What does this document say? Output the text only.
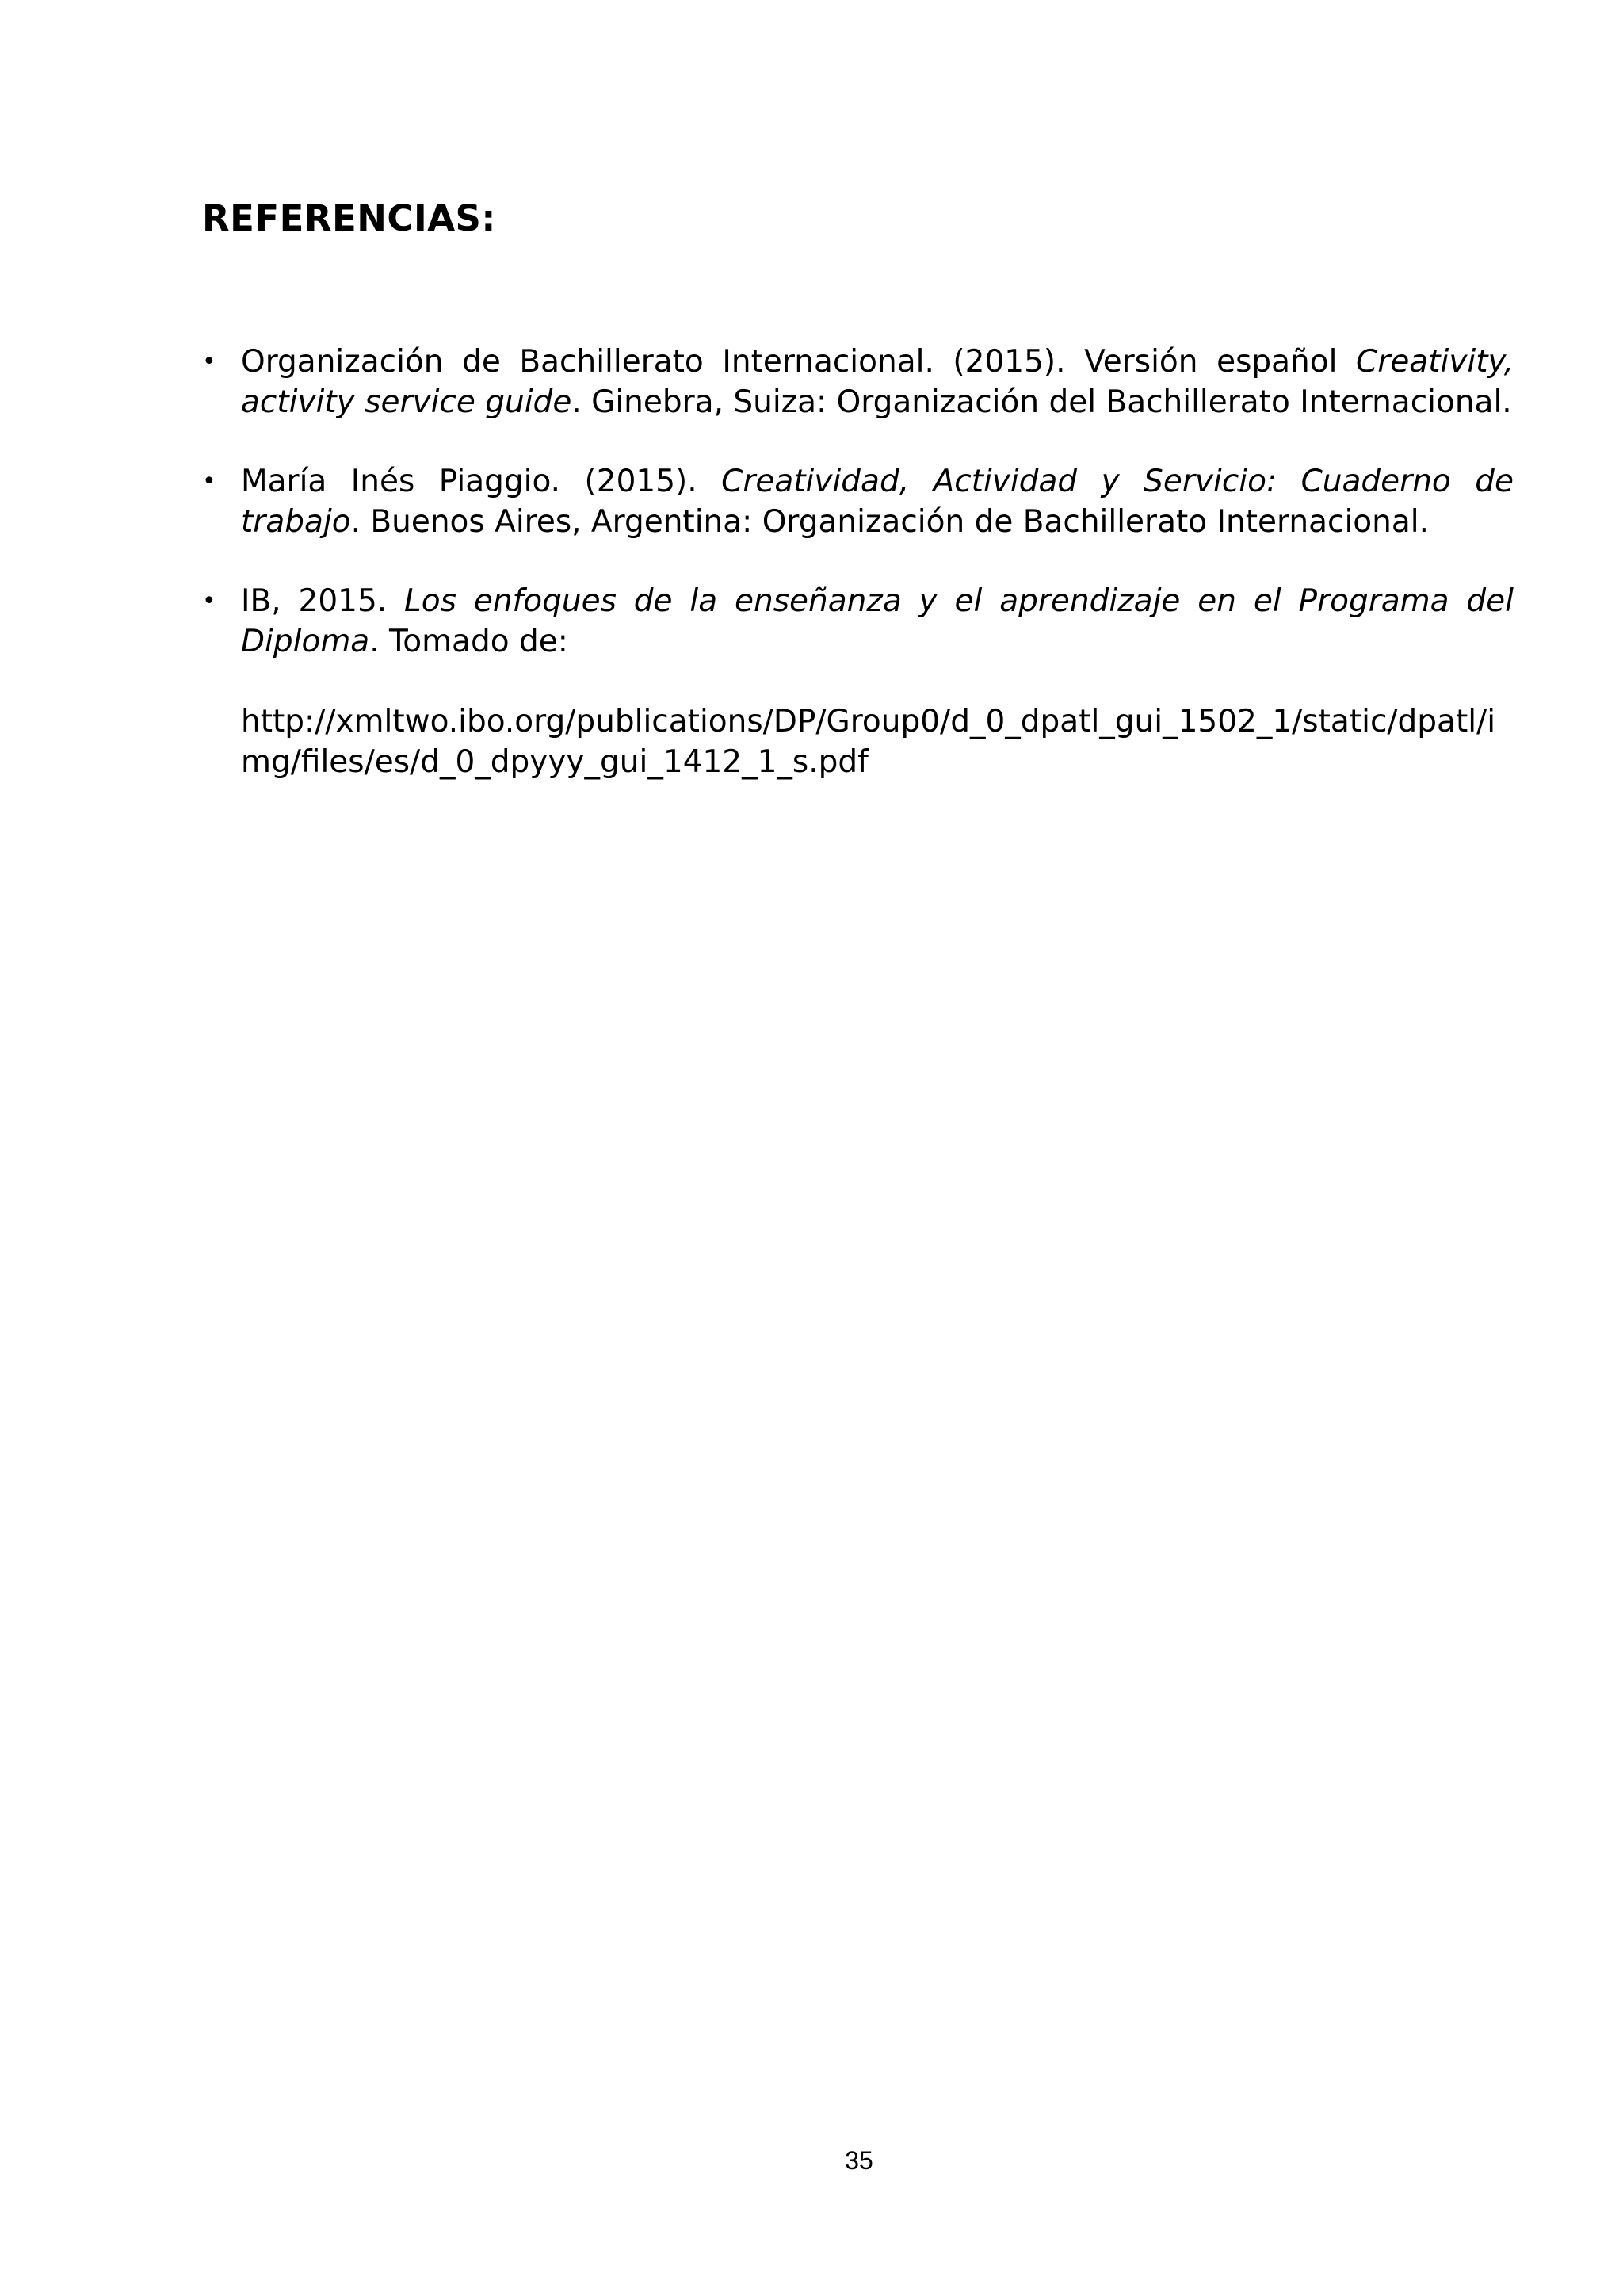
REFERENCIAS:
• Organización de Bachillerato Internacional. (2015). Versión español Creativity, activity service guide. Ginebra, Suiza: Organización del Bachillerato Internacional.
• María Inés Piaggio. (2015). Creatividad, Actividad y Servicio: Cuaderno de trabajo. Buenos Aires, Argentina: Organización de Bachillerato Internacional.
• IB, 2015. Los enfoques de la enseñanza y el aprendizaje en el Programa del Diploma. Tomado de:
http://xmltwo.ibo.org/publications/DP/Group0/d_0_dpatl_gui_1502_1/static/dpatl/img/files/es/d_0_dpyyy_gui_1412_1_s.pdf
35
